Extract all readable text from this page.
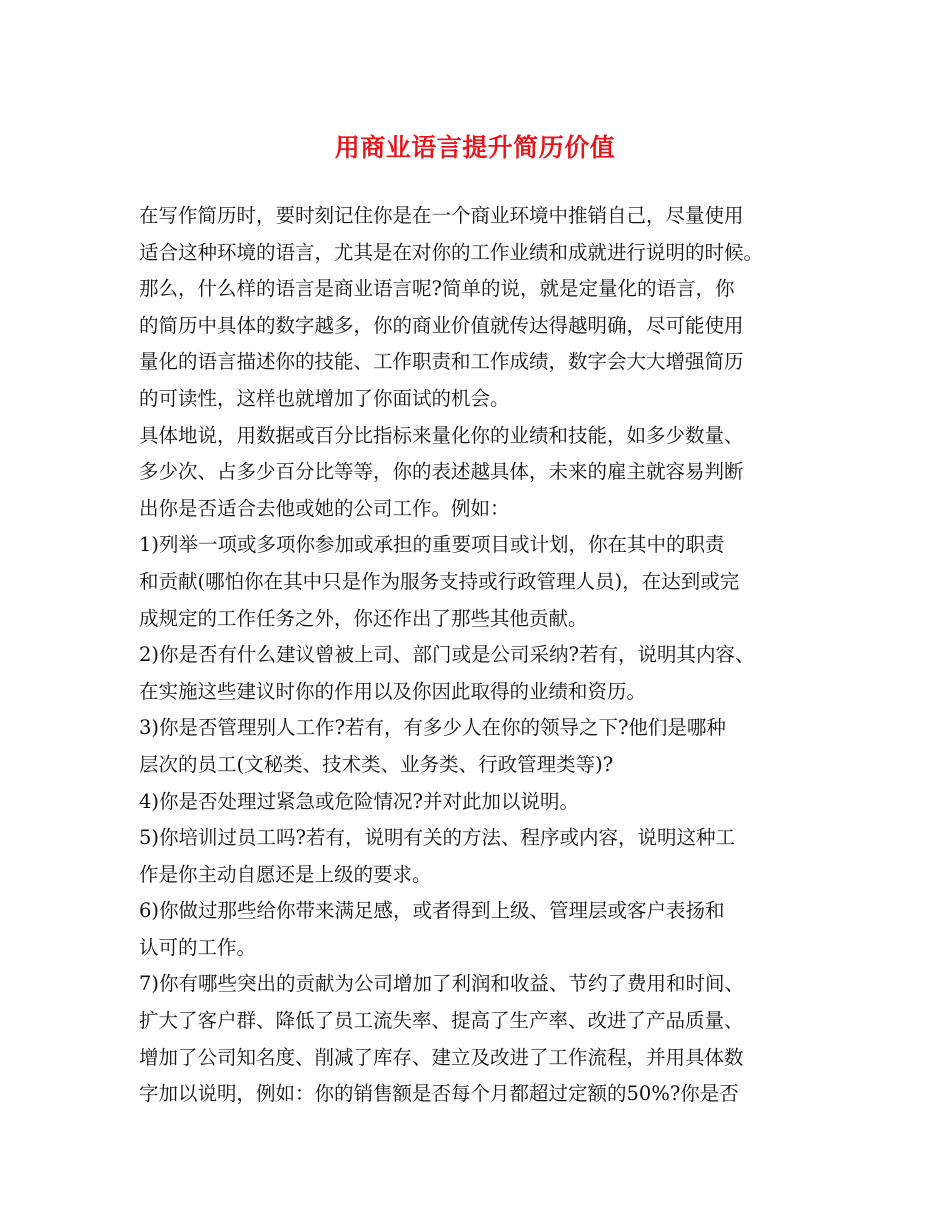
用商业语言提升简历价值
在写作简历时，要时刻记住你是在一个商业环境中推销自己，尽量使用
适合这种环境的语言，尤其是在对你的工作业绩和成就进行说明的时候。
那么，什么样的语言是商业语言呢?简单的说，就是定量化的语言，你
的简历中具体的数字越多，你的商业价值就传达得越明确，尽可能使用
量化的语言描述你的技能、工作职责和工作成绩，数字会大大增强简历
的可读性，这样也就增加了你面试的机会。
具体地说，用数据或百分比指标来量化你的业绩和技能，如多少数量、
多少次、占多少百分比等等，你的表述越具体，未来的雇主就容易判断
出你是否适合去他或她的公司工作。例如：
1)列举一项或多项你参加或承担的重要项目或计划，你在其中的职责
和贡献(哪怕你在其中只是作为服务支持或行政管理人员)，在达到或完
成规定的工作任务之外，你还作出了那些其他贡献。
2)你是否有什么建议曾被上司、部门或是公司采纳?若有，说明其内容、
在实施这些建议时你的作用以及你因此取得的业绩和资历。
3)你是否管理别人工作?若有，有多少人在你的领导之下?他们是哪种
层次的员工(文秘类、技术类、业务类、行政管理类等)?
4)你是否处理过紧急或危险情况?并对此加以说明。
5)你培训过员工吗?若有，说明有关的方法、程序或内容，说明这种工
作是你主动自愿还是上级的要求。
6)你做过那些给你带来满足感，或者得到上级、管理层或客户表扬和
认可的工作。
7)你有哪些突出的贡献为公司增加了利润和收益、节约了费用和时间、
扩大了客户群、降低了员工流失率、提高了生产率、改进了产品质量、
增加了公司知名度、削减了库存、建立及改进了工作流程，并用具体数
字加以说明，例如：你的销售额是否每个月都超过定额的50%?你是否
